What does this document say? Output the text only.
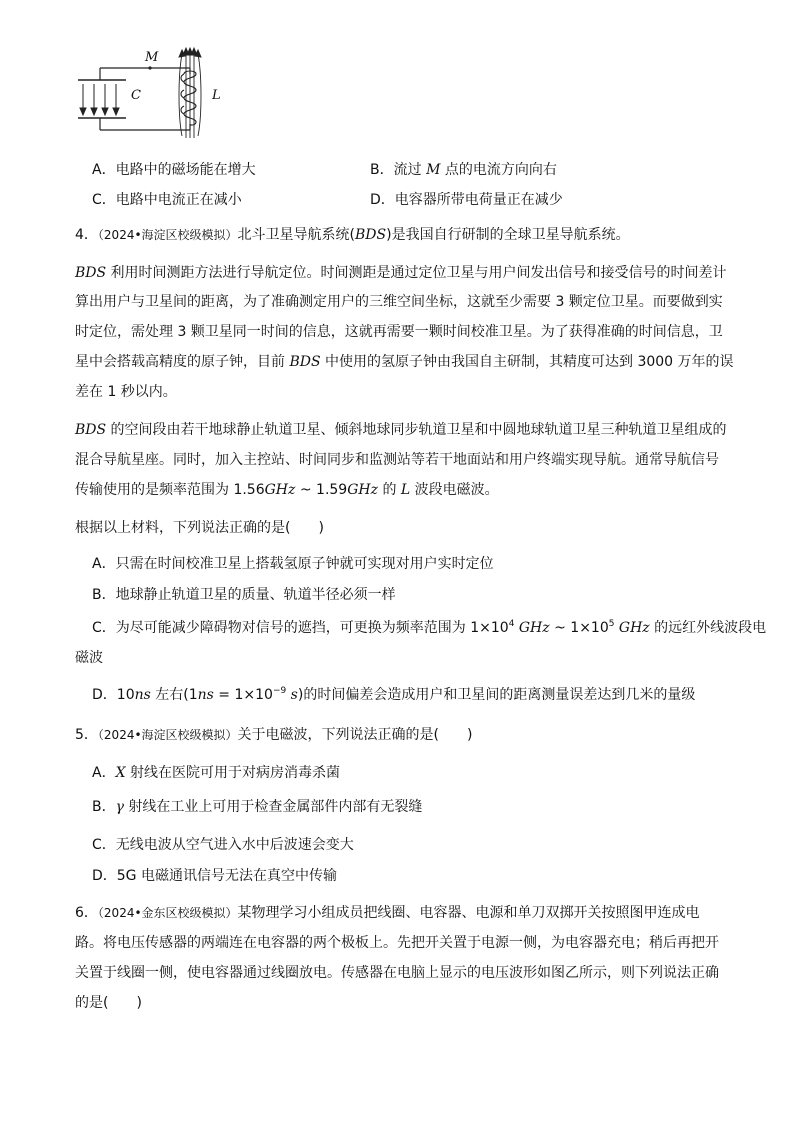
M
C	L
A．电路中的磁场能在增大	B．流过 M 点的电流方向向右
C．电路中电流正在减小	D．电容器所带电荷量正在减少
4．（2024•海淀区校级模拟）北斗卫星导航系统(BDS)是我国自行研制的全球卫星导航系统。
BDS 利用时间测距方法进行导航定位。时间测距是通过定位卫星与用户间发出信号和接受信号的时间差计
算出用户与卫星间的距离，为了准确测定用户的三维空间坐标，这就至少需要 3 颗定位卫星。而要做到实
时定位，需处理 3 颗卫星同一时间的信息，这就再需要一颗时间校准卫星。为了获得准确的时间信息，卫
星中会搭载高精度的原子钟，目前 BDS 中使用的氢原子钟由我国自主研制，其精度可达到 3000 万年的误
差在 1 秒以内。
BDS 的空间段由若干地球静止轨道卫星、倾斜地球同步轨道卫星和中圆地球轨道卫星三种轨道卫星组成的
混合导航星座。同时，加入主控站、时间同步和监测站等若干地面站和用户终端实现导航。通常导航信号
传输使用的是频率范围为 1.56GHz ~ 1.59GHz 的 L 波段电磁波。
根据以上材料，下列说法正确的是(　　)
A．只需在时间校准卫星上搭载氢原子钟就可实现对用户实时定位
B．地球静止轨道卫星的质量、轨道半径必须一样
C．为尽可能减少障碍物对信号的遮挡，可更换为频率范围为 $1\times 10^4$ GHz ~ $1\times 10^5$ GHz 的远红外线波段电
磁波
D．10ns 左右($1ns = 1\times 10^{-9}$ s)的时间偏差会造成用户和卫星间的距离测量误差达到几米的量级
5．（2024•海淀区校级模拟）关于电磁波，下列说法正确的是(　　)
A．X 射线在医院可用于对病房消毒杀菌
B．γ 射线在工业上可用于检查金属部件内部有无裂缝
C．无线电波从空气进入水中后波速会变大
D．5G 电磁通讯信号无法在真空中传输
6．（2024•金东区校级模拟）某物理学习小组成员把线圈、电容器、电源和单刀双掷开关按照图甲连成电
路。将电压传感器的两端连在电容器的两个极板上。先把开关置于电源一侧，为电容器充电；稍后再把开
关置于线圈一侧，使电容器通过线圈放电。传感器在电脑上显示的电压波形如图乙所示，则下列说法正确
的是(　　)
